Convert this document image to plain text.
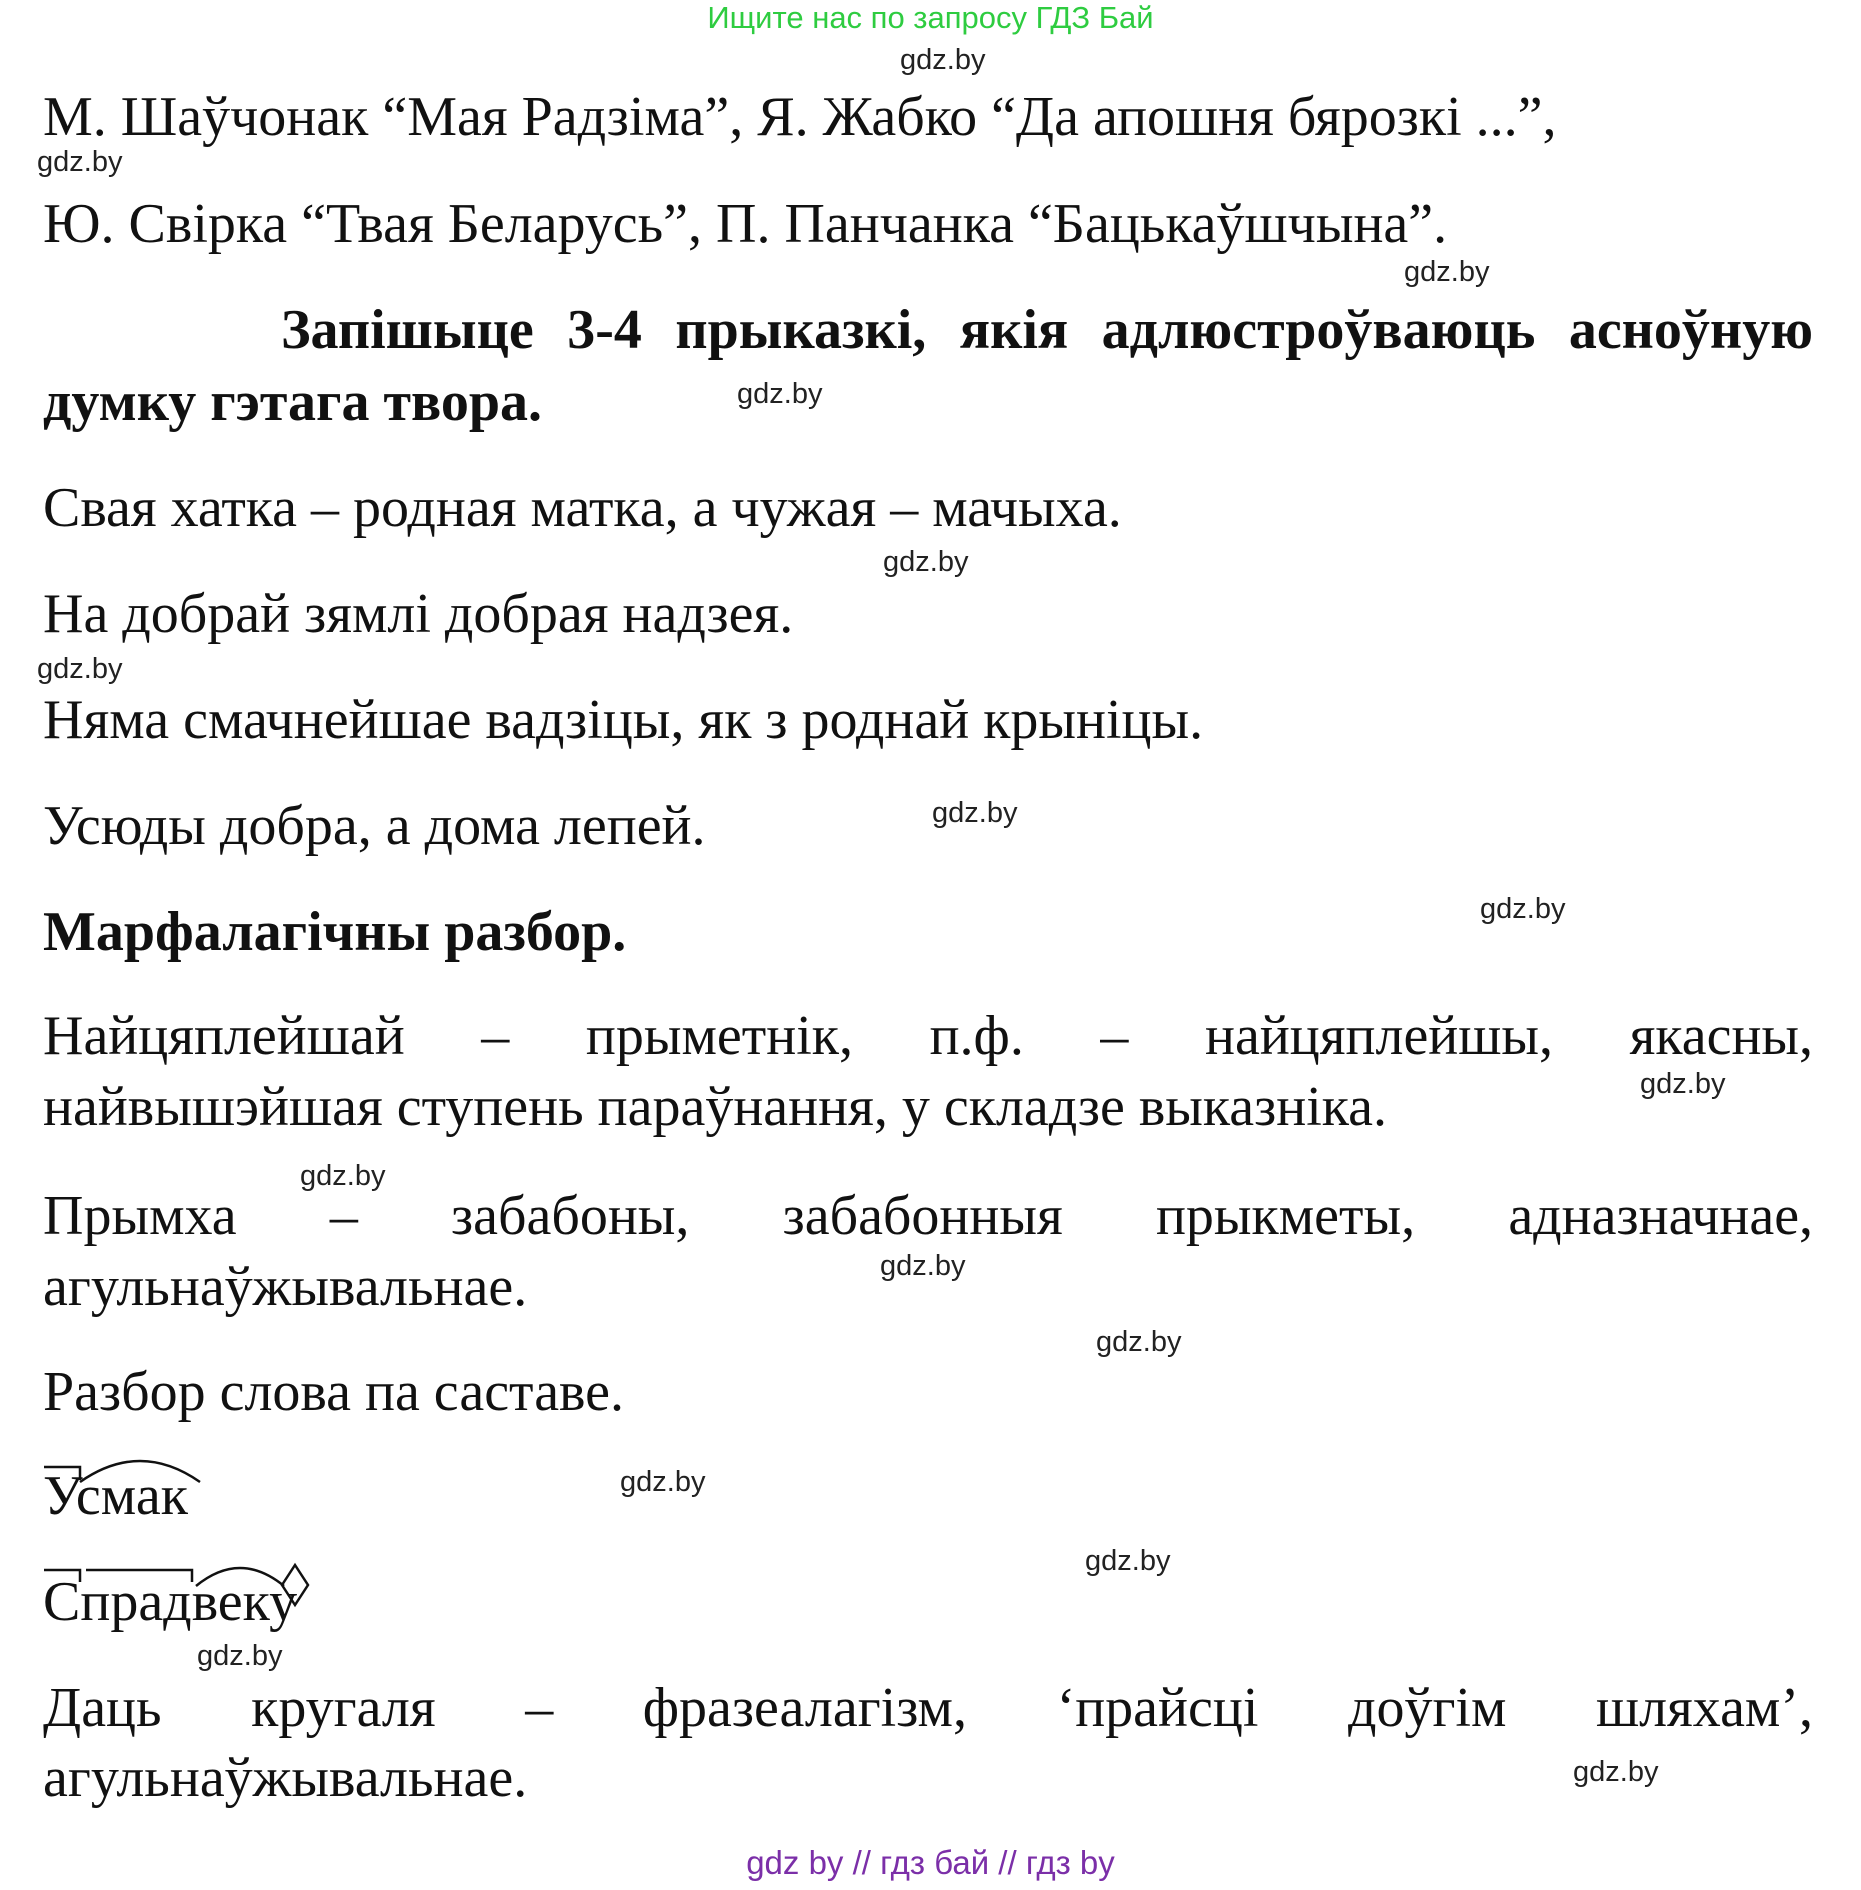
Ищите нас по запросу ГДЗ Бай
gdz.by
gdz.by
gdz.by
gdz.by
gdz.by
gdz.by
gdz.by
gdz.by
gdz.by
gdz.by
gdz.by
gdz.by
gdz.by
gdz.by
gdz.by
gdz.by
М. Шаўчонак “Мая Радзіма”, Я. Жабко “Да апошня бярозкі ...”,
Ю. Свірка “Твая Беларусь”, П. Панчанка “Бацькаўшчына”.
Запішыце 3-4 прыказкі, якія адлюстроўваюць асноўную
думку гэтага твора.
Свая хатка – родная матка, а чужая – мачыха.
На добрай зямлі добрая надзея.
Няма смачнейшае вадзіцы, як з роднай крыніцы.
Усюды добра, а дома лепей.
Марфалагічны разбор.
Найцяплейшай – прыметнік, п.ф. – найцяплейшы, якасны,
найвышэйшая ступень параўнання, у складзе выказніка.
Прымха – забабоны, забабонныя прыкметы, адназначнае,
агульнаўжывальнае.
Разбор слова па саставе.
Усмак
Спрадвеку
Даць кругаля – фразеалагізм, ‘прайсці доўгім шляхам’,
агульнаўжывальнае.
gdz by // гдз бай // гдз by
